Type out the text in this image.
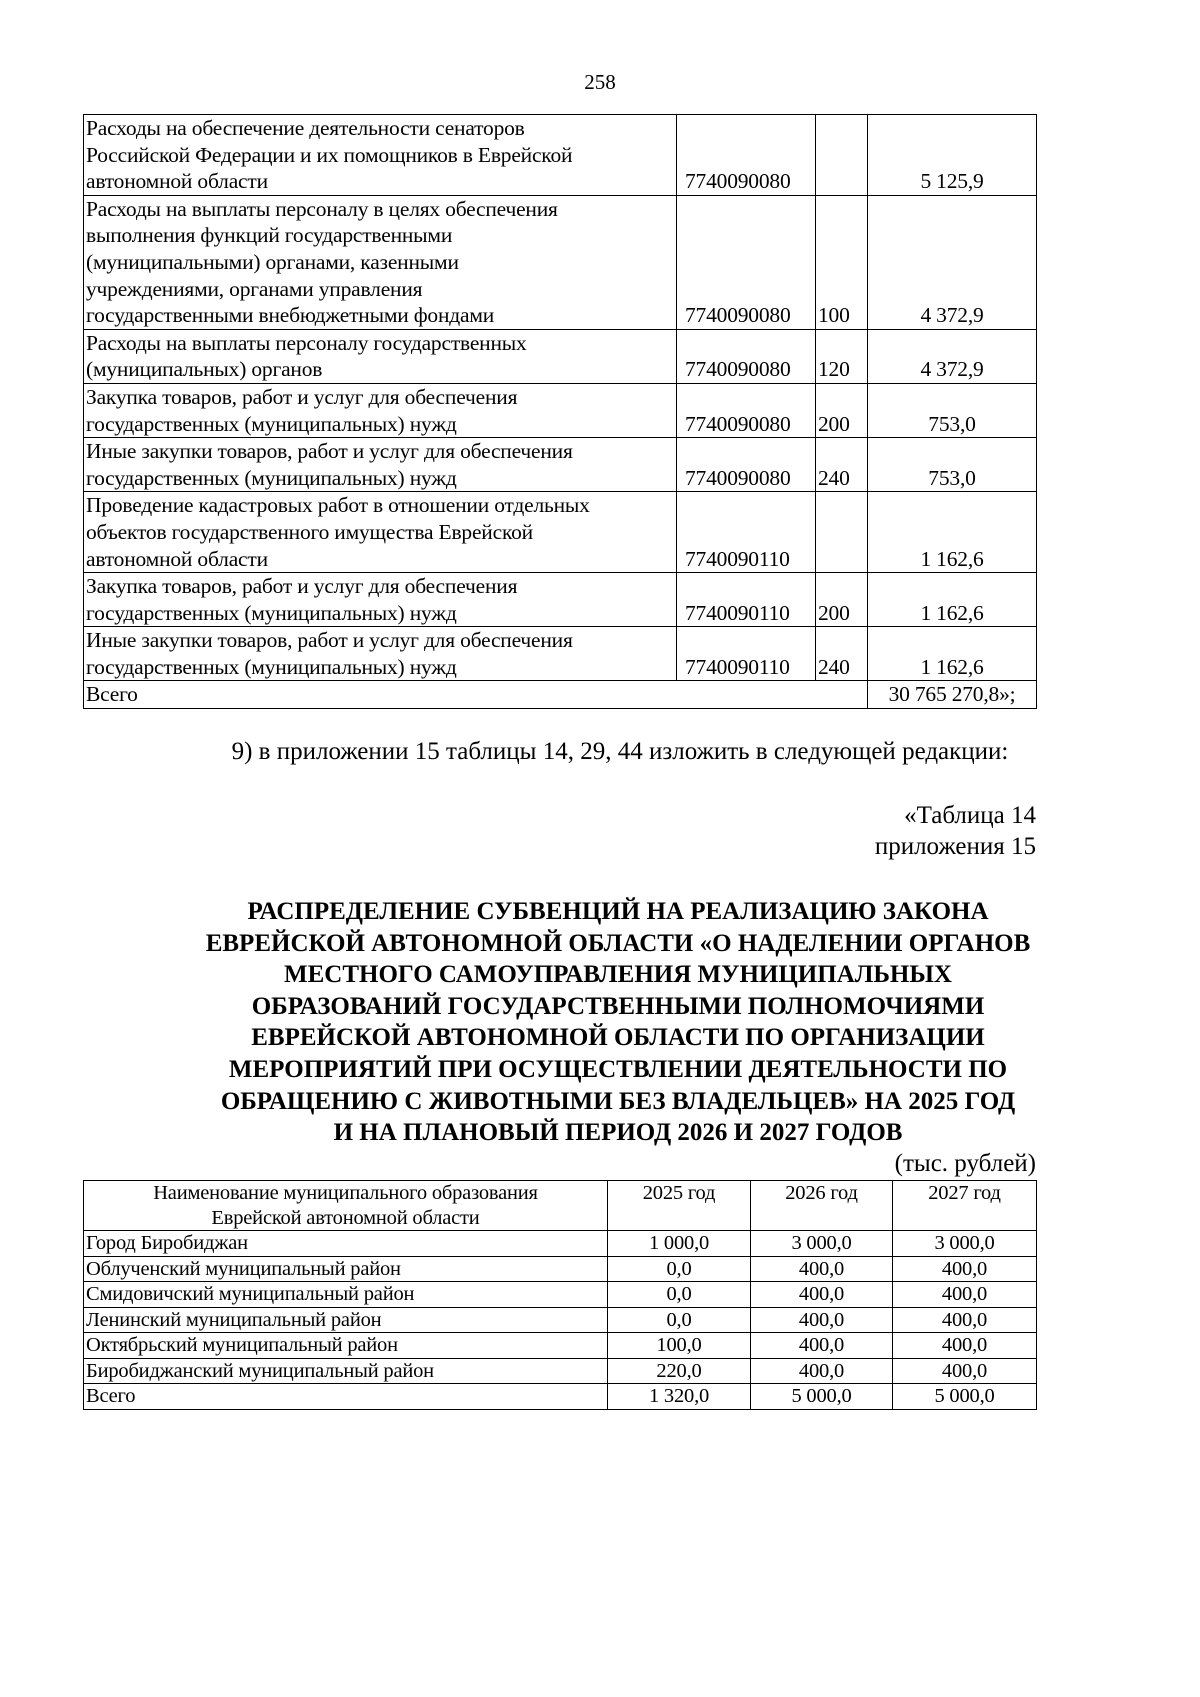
258
Расходы на обеспечение деятельности сенаторов
Российской Федерации и их помощников в Еврейской
автономной области	7740090080		5 125,9

Расходы на выплаты персоналу в целях обеспечения
выполнения функций государственными
(муниципальными) органами, казенными
учреждениями, органами управления
государственными внебюджетными фондами	7740090080	100	4 372,9

Расходы на выплаты персоналу государственных
(муниципальных) органов	7740090080	120	4 372,9

Закупка товаров, работ и услуг для обеспечения
государственных (муниципальных) нужд	7740090080	200	753,0

Иные закупки товаров, работ и услуг для обеспечения
государственных (муниципальных) нужд	7740090080	240	753,0

Проведение кадастровых работ в отношении отдельных
объектов государственного имущества Еврейской
автономной области	7740090110		1 162,6

Закупка товаров, работ и услуг для обеспечения
государственных (муниципальных) нужд	7740090110	200	1 162,6

Иные закупки товаров, работ и услуг для обеспечения
государственных (муниципальных) нужд	7740090110	240	1 162,6
Всего			30 765 270,8»;
9) в приложении 15 таблицы 14, 29, 44 изложить в следующей редакции:
«Таблица 14
приложения 15
РАСПРЕДЕЛЕНИЕ СУБВЕНЦИЙ НА РЕАЛИЗАЦИЮ ЗАКОНА
ЕВРЕЙСКОЙ АВТОНОМНОЙ ОБЛАСТИ «О НАДЕЛЕНИИ ОРГАНОВ
МЕСТНОГО САМОУПРАВЛЕНИЯ МУНИЦИПАЛЬНЫХ
ОБРАЗОВАНИЙ ГОСУДАРСТВЕННЫМИ ПОЛНОМОЧИЯМИ
ЕВРЕЙСКОЙ АВТОНОМНОЙ ОБЛАСТИ ПО ОРГАНИЗАЦИИ
МЕРОПРИЯТИЙ ПРИ ОСУЩЕСТВЛЕНИИ ДЕЯТЕЛЬНОСТИ ПО
ОБРАЩЕНИЮ С ЖИВОТНЫМИ БЕЗ ВЛАДЕЛЬЦЕВ» НА 2025 ГОД
И НА ПЛАНОВЫЙ ПЕРИОД 2026 И 2027 ГОДОВ
(тыс. рублей)
Наименование муниципального образования
Еврейской автономной области	2025 год	2026 год	2027 год
Город Биробиджан	1 000,0	3 000,0	3 000,0
Облученский муниципальный район	0,0	400,0	400,0
Смидовичский муниципальный район	0,0	400,0	400,0
Ленинский муниципальный район	0,0	400,0	400,0
Октябрьский муниципальный район	100,0	400,0	400,0
Биробиджанский муниципальный район	220,0	400,0	400,0
Всего	1 320,0	5 000,0	5 000,0
